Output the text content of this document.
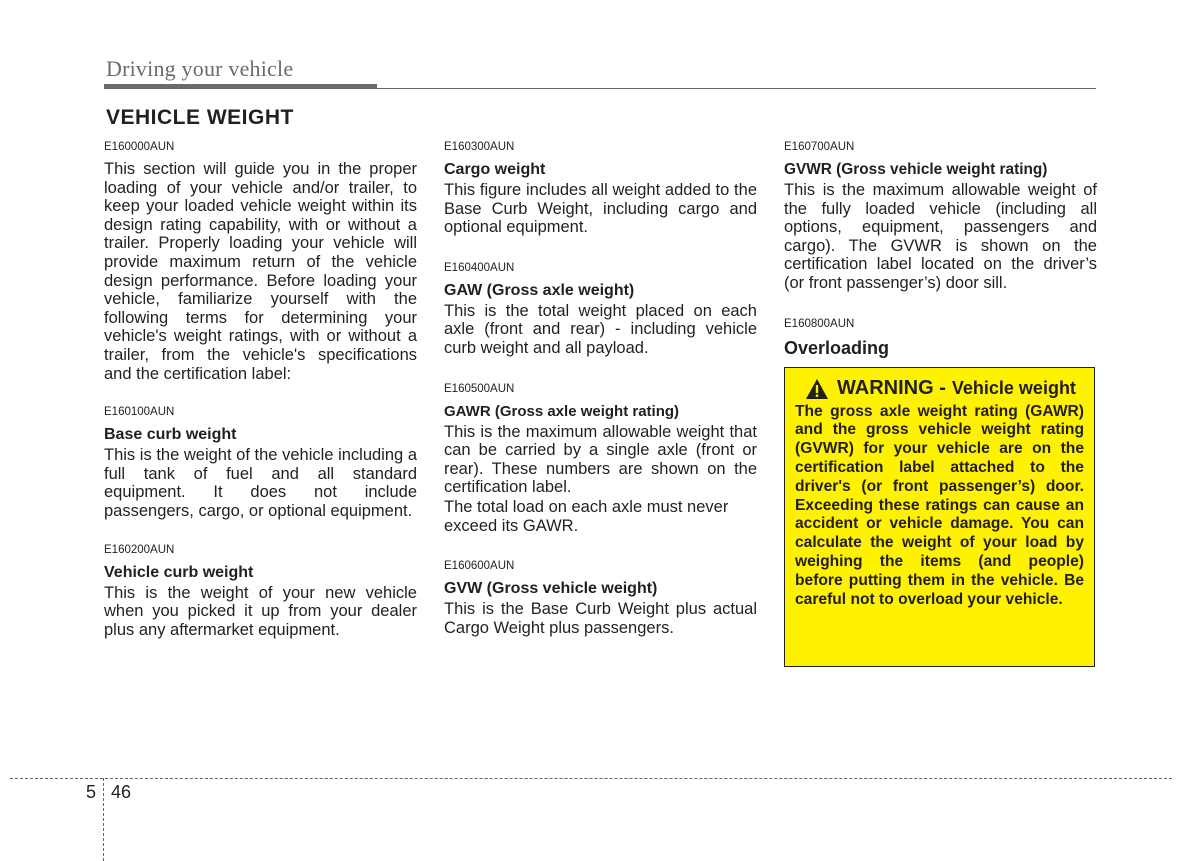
Driving your vehicle
VEHICLE WEIGHT
E160000AUN
This section will guide you in the proper loading of your vehicle and/or trailer, to keep your loaded vehicle weight within its design rating capability, with or without a trailer. Properly loading your vehicle will provide maximum return of the vehicle design performance. Before loading your vehicle, familiarize yourself with the following terms for determining your vehicle's weight ratings, with or without a trailer, from the vehicle's specifications and the certification label:
E160100AUN
Base curb weight
This is the weight of the vehicle including a full tank of fuel and all standard equipment. It does not include passengers, cargo, or optional equipment.
E160200AUN
Vehicle curb weight
This is the weight of your new vehicle when you picked it up from your dealer plus any aftermarket equipment.
E160300AUN
Cargo weight
This figure includes all weight added to the Base Curb Weight, including cargo and optional equipment.
E160400AUN
GAW (Gross axle weight)
This is the total weight placed on each axle (front and rear) - including vehicle curb weight and all payload.
E160500AUN
GAWR (Gross axle weight rating)
This is the maximum allowable weight that can be carried by a single axle (front or rear). These numbers are shown on the certification label.
The total load on each axle must never exceed its GAWR.
E160600AUN
GVW (Gross vehicle weight)
This is the Base Curb Weight plus actual Cargo Weight plus passengers.
E160700AUN
GVWR (Gross vehicle weight rating)
This is the maximum allowable weight of the fully loaded vehicle (including all options, equipment, passengers and cargo). The GVWR is shown on the certification label located on the driver’s (or front passenger’s) door sill.
E160800AUN
Overloading
WARNING - Vehicle weight
The gross axle weight rating (GAWR) and the gross vehicle weight rating (GVWR) for your vehicle are on the certification label attached to the driver's (or front passenger’s) door. Exceeding these ratings can cause an accident or vehicle damage. You can calculate the weight of your load by weighing the items (and people) before putting them in the vehicle. Be careful not to overload your vehicle.
5 46
